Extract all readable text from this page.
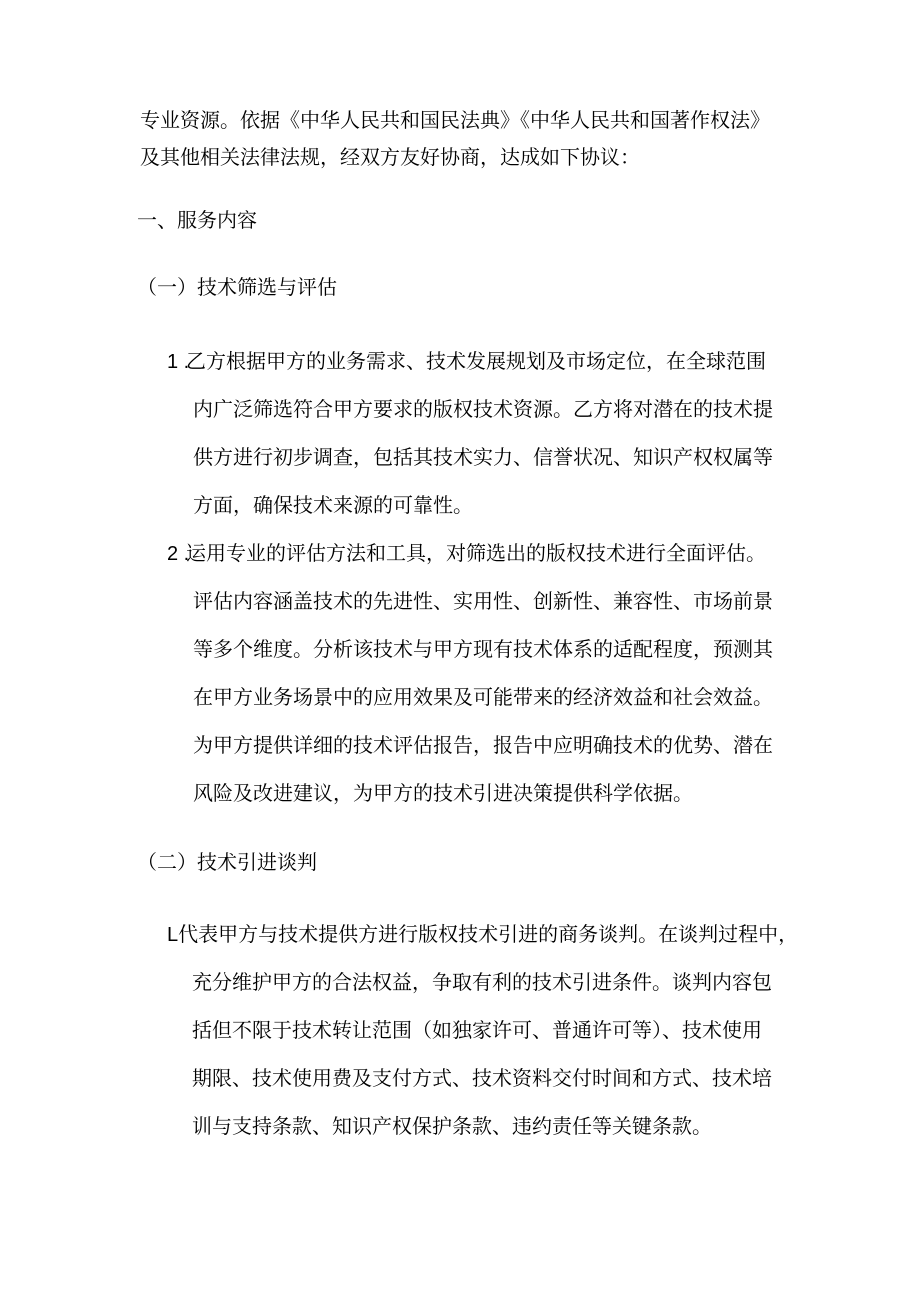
专业资源。依据《中华人民共和国民法典》《中华人民共和国著作权法》
及其他相关法律法规，经双方友好协商，达成如下协议：
一、服务内容
（一）技术筛选与评估
1 .乙方根据甲方的业务需求、技术发展规划及市场定位，在全球范围
内广泛筛选符合甲方要求的版权技术资源。乙方将对潜在的技术提
供方进行初步调查，包括其技术实力、信誉状况、知识产权权属等
方面，确保技术来源的可靠性。
2 .运用专业的评估方法和工具，对筛选出的版权技术进行全面评估。
评估内容涵盖技术的先进性、实用性、创新性、兼容性、市场前景
等多个维度。分析该技术与甲方现有技术体系的适配程度，预测其
在甲方业务场景中的应用效果及可能带来的经济效益和社会效益。
为甲方提供详细的技术评估报告，报告中应明确技术的优势、潜在
风险及改进建议，为甲方的技术引进决策提供科学依据。
（二）技术引进谈判
L代表甲方与技术提供方进行版权技术引进的商务谈判。在谈判过程中，
充分维护甲方的合法权益，争取有利的技术引进条件。谈判内容包
括但不限于技术转让范围（如独家许可、普通许可等）、技术使用
期限、技术使用费及支付方式、技术资料交付时间和方式、技术培
训与支持条款、知识产权保护条款、违约责任等关键条款。
